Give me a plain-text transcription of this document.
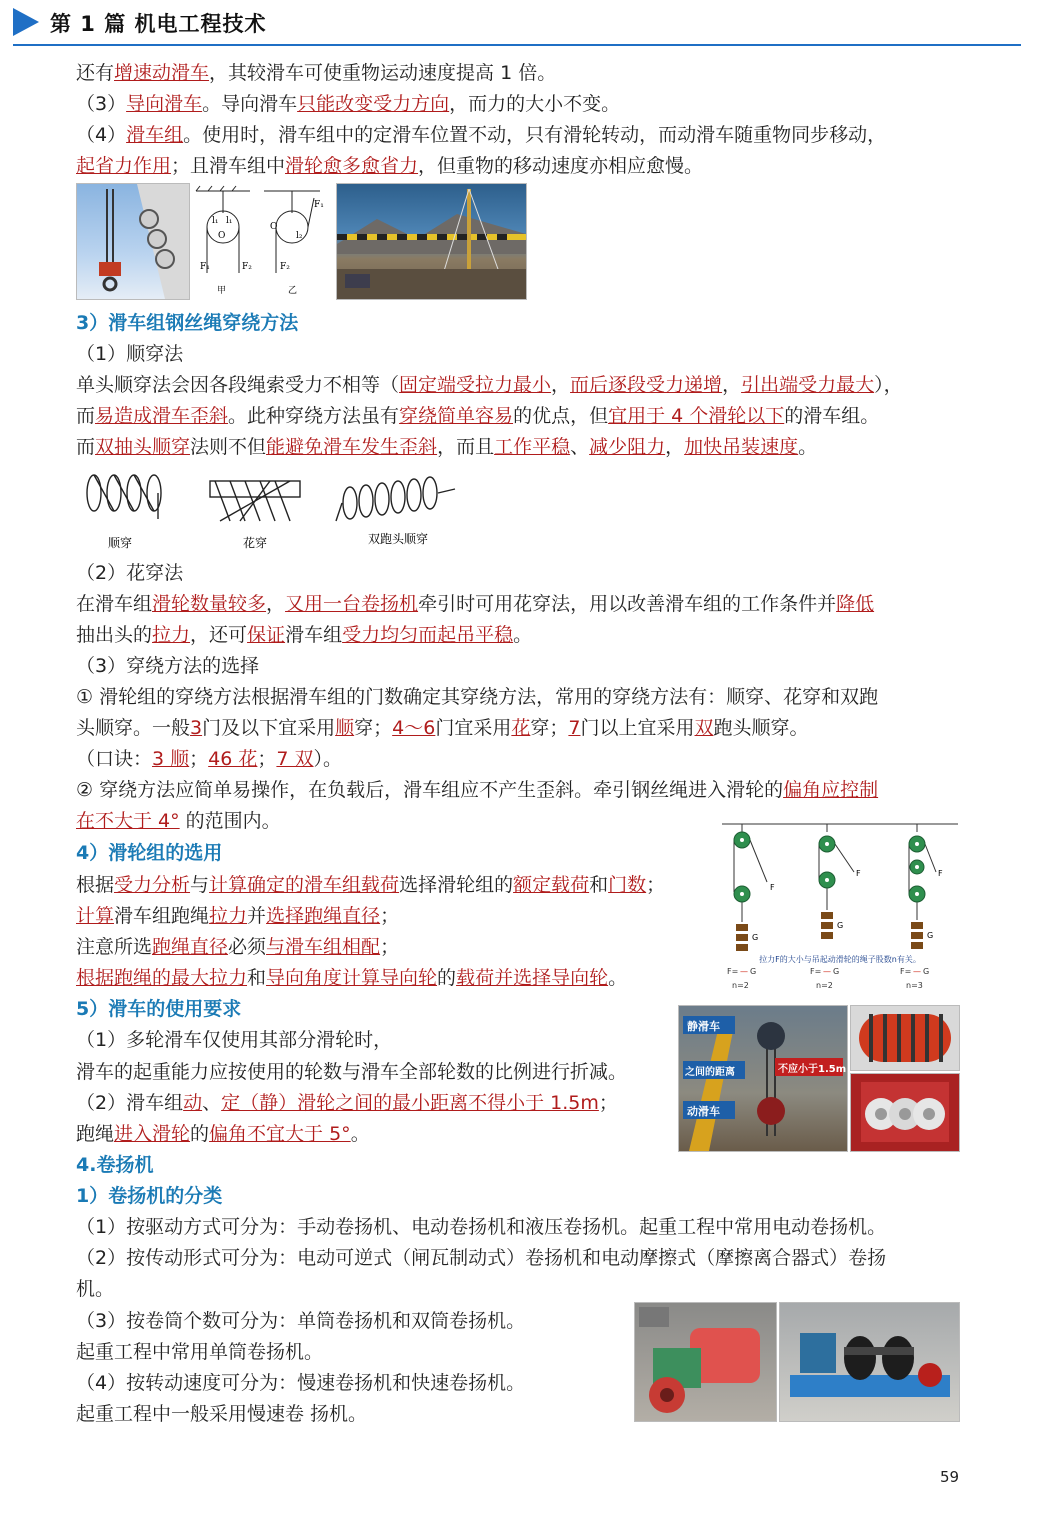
第 1 篇 机电工程技术
还有增速动滑车，其较滑车可使重物运动速度提高 1 倍。
（3）导向滑车。导向滑车只能改变受力方向，而力的大小不变。
（4）滑车组。使用时，滑车组中的定滑车位置不动，只有滑轮转动，而动滑车随重物同步移动，
起省力作用；且滑车组中滑轮愈多愈省力，但重物的移动速度亦相应愈慢。
l₁ l₁
O
F₁	F₂
甲
O
l₂
F₁
F₂
乙
3）滑车组钢丝绳穿绕方法
（1）顺穿法
单头顺穿法会因各段绳索受力不相等（固定端受拉力最小，而后逐段受力递增，引出端受力最大），
而易造成滑车歪斜。此种穿绕方法虽有穿绕简单容易的优点，但宜用于 4 个滑轮以下的滑车组。
而双抽头顺穿法则不但能避免滑车发生歪斜，而且工作平稳、减少阻力，加快吊装速度。
顺穿	花穿	双跑头顺穿
（2）花穿法
在滑车组滑轮数量较多，又用一台卷扬机牵引时可用花穿法，用以改善滑车组的工作条件并降低
抽出头的拉力，还可保证滑车组受力均匀而起吊平稳。
（3）穿绕方法的选择
① 滑轮组的穿绕方法根据滑车组的门数确定其穿绕方法，常用的穿绕方法有：顺穿、花穿和双跑
头顺穿。一般3门及以下宜采用顺穿；4～6门宜采用花穿；7门以上宜采用双跑头顺穿。
（口诀：3 顺；46 花；7 双）。
② 穿绕方法应简单易操作，在负载后，滑车组应不产生歪斜。牵引钢丝绳进入滑轮的偏角应控制
在不大于 4° 的范围内。
F
F	F
G
G
G
拉力F的大小与吊起动滑轮的绳子股数n有关。
F= — G	F= — G	F= — G
n=2	n=2	n=3
4）滑轮组的选用
根据受力分析与计算确定的滑车组载荷选择滑轮组的额定载荷和门数；
计算滑车组跑绳拉力并选择跑绳直径；
注意所选跑绳直径必须与滑车组相配；
根据跑绳的最大拉力和导向角度计算导向轮的载荷并选择导向轮。
5）滑车的使用要求
（1）多轮滑车仅使用其部分滑轮时，
滑车的起重能力应按使用的轮数与滑车全部轮数的比例进行折减。
（2）滑车组动、定（静）滑轮之间的最小距离不得小于 1.5m；
跑绳进入滑轮的偏角不宜大于 5°。
静滑车
之间的距离	不应小于1.5m
动滑车
4.卷扬机
1）卷扬机的分类
（1）按驱动方式可分为：手动卷扬机、电动卷扬机和液压卷扬机。起重工程中常用电动卷扬机。
（2）按传动形式可分为：电动可逆式（闸瓦制动式）卷扬机和电动摩擦式（摩擦离合器式）卷扬
机。
（3）按卷筒个数可分为：单筒卷扬机和双筒卷扬机。
起重工程中常用单筒卷扬机。
（4）按转动速度可分为：慢速卷扬机和快速卷扬机。
起重工程中一般采用慢速卷 扬机。
59
